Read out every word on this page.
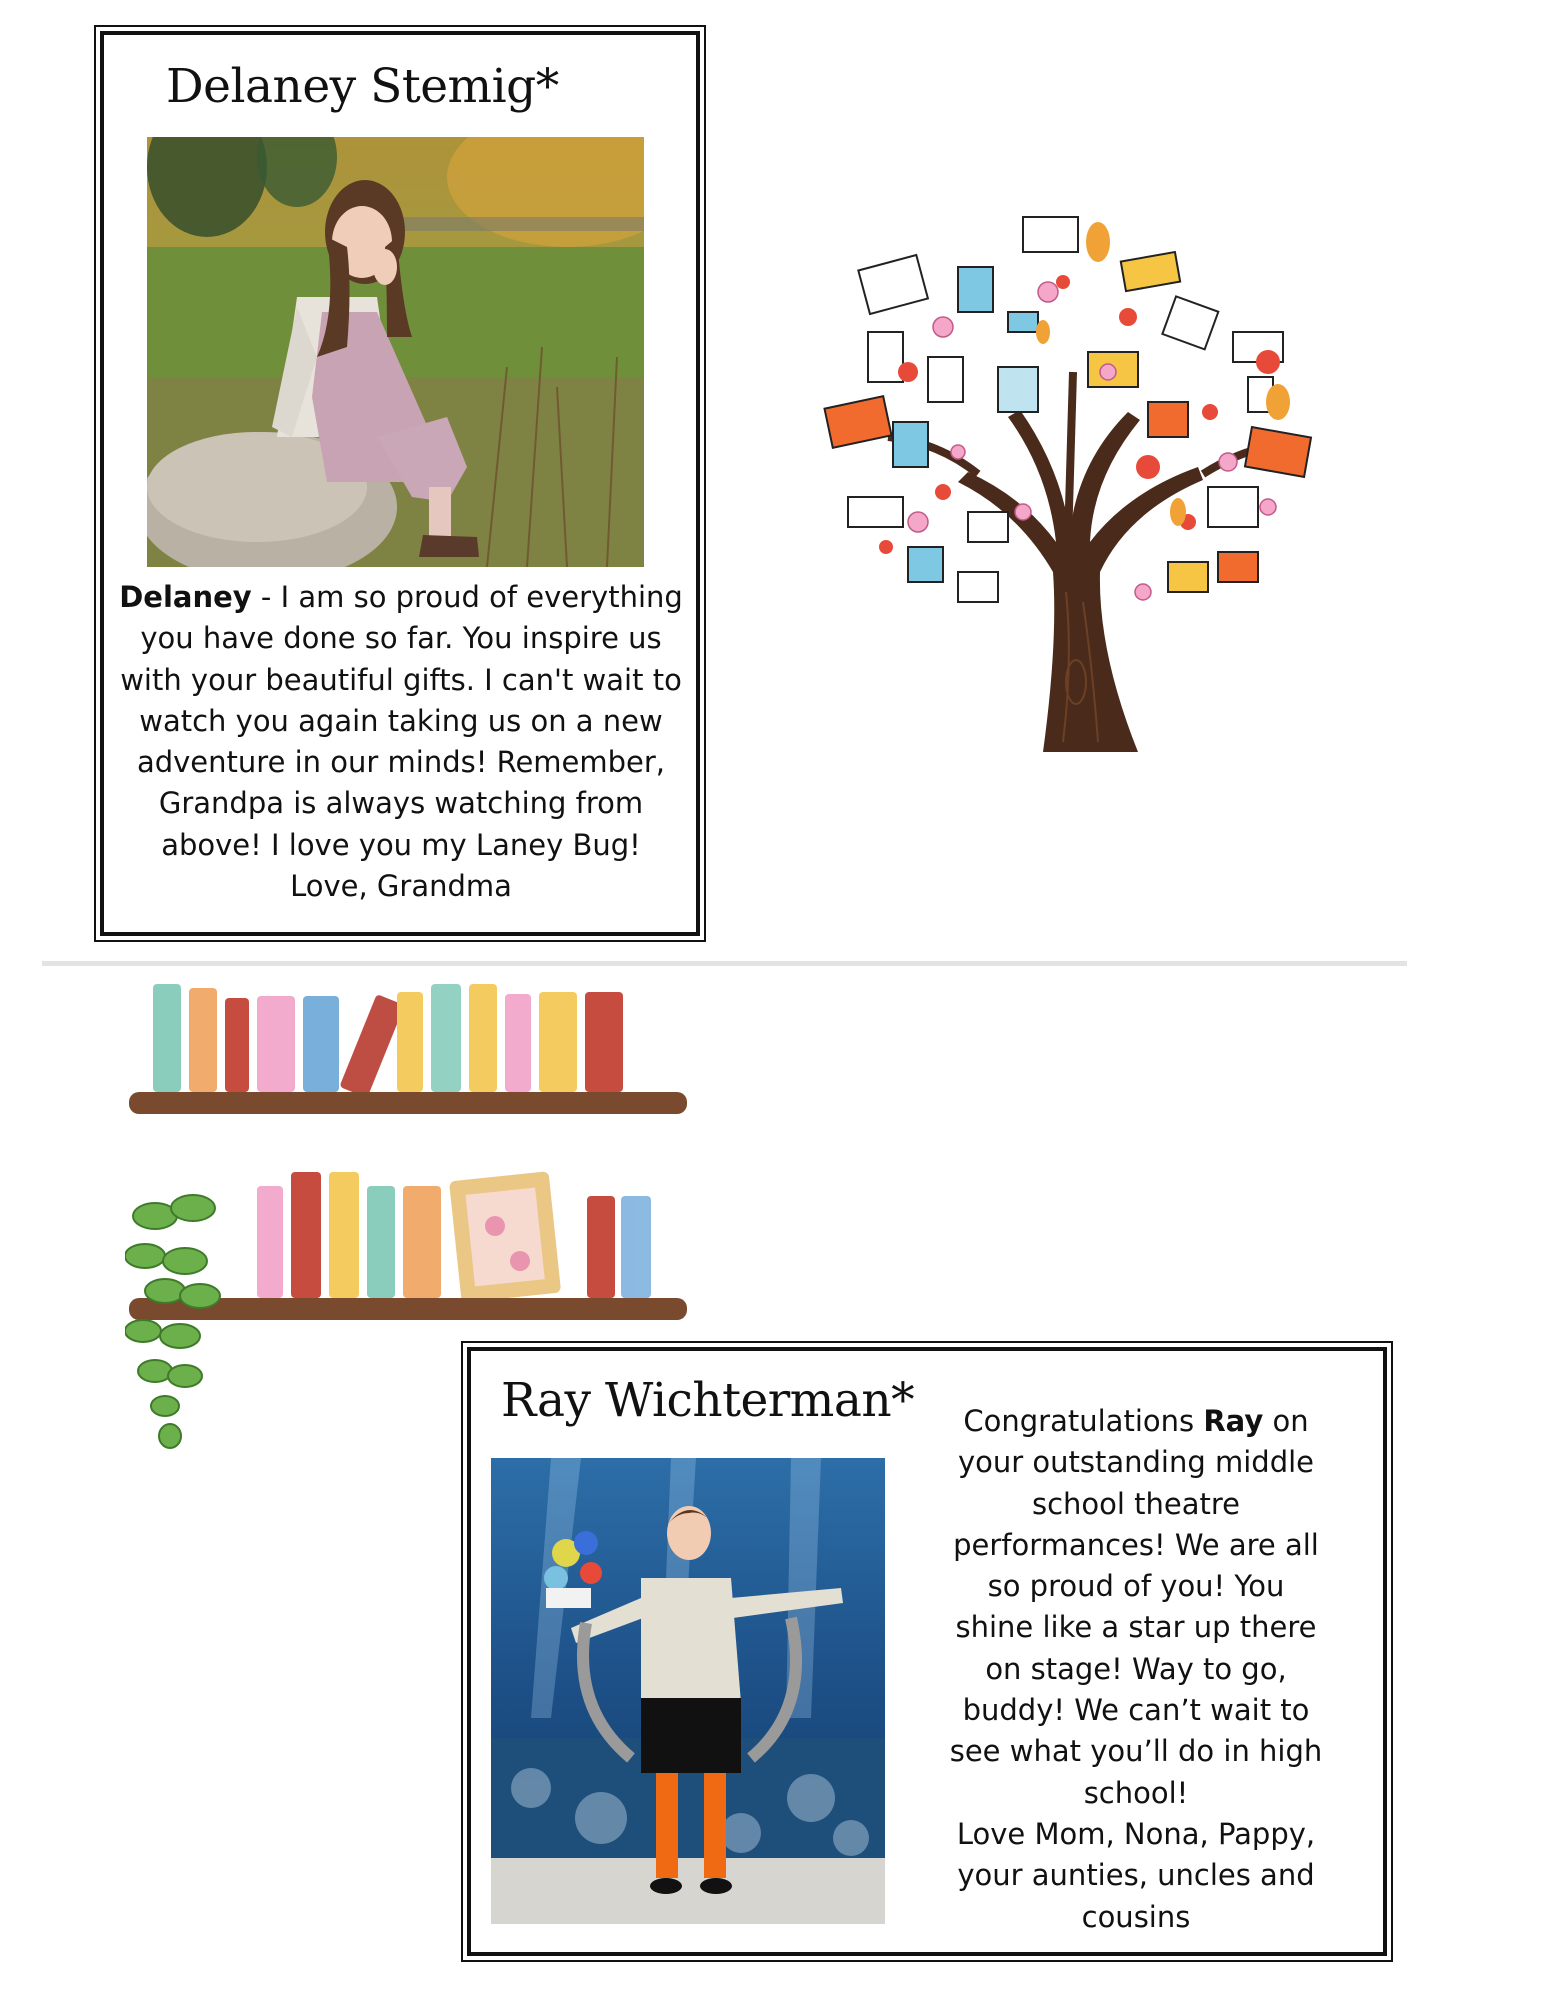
Delaney Stemig*
Delaney - I am so proud of everything
you have done so far. You inspire us
with your beautiful gifts. I can't wait to
watch you again taking us on a new
adventure in our minds! Remember,
Grandpa is always watching from
above! I love you my Laney Bug!
Love, Grandma
Ray Wichterman*	Congratulations Ray on
your outstanding middle
school theatre
performances! We are all
so proud of you! You
shine like a star up there
on stage! Way to go,
buddy! We can’t wait to
see what you’ll do in high
school!
Love Mom, Nona, Pappy,
your aunties, uncles and
cousins
